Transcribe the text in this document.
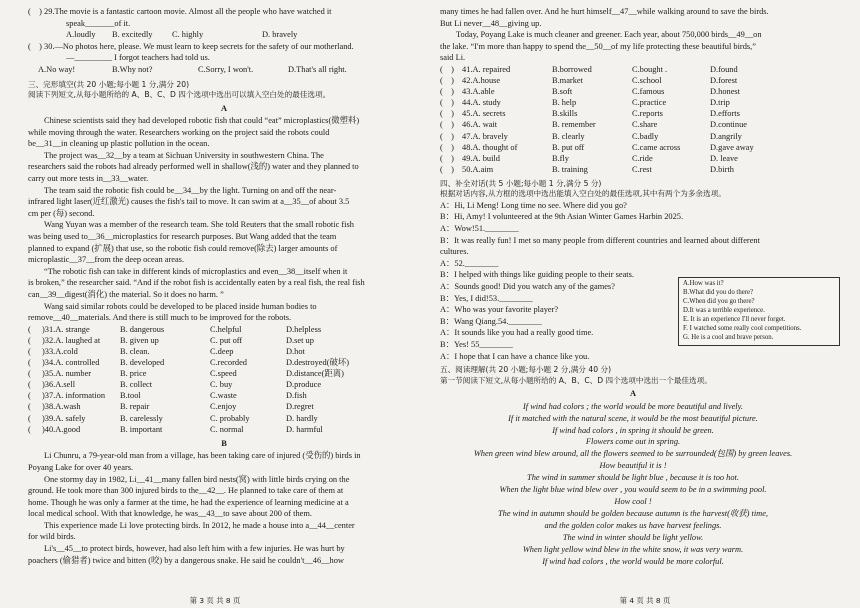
(　) 29.The movie is a fantastic cartoon movie. Almost all the people who have watched it

speak_______of it.

A.loudly	B. excitedly	C. highly	D. bravely

(　) 30.—No photos here, please. We must learn to keep secrets for the safety of our motherland.

—_________ I forgot teachers had told us.

A.No way!	B.Why not?	C.Sorry, I won't.	D.That's all right.

三、完形填空(共 20 小题;每小题 1 分,满分 20)

阅读下列短文,从每小题所给的 A、B、C、D 四个选项中选出可以填入空白处的最佳选项。

A

Chinese scientists said they had developed robotic fish that could “eat” microplastics(微塑料)

while moving through the water. Researchers working on the project said the robots could

be__31__in cleaning up plastic pollution in the ocean.

The project was__32__by a team at Sichuan University in southwestern China. The

researchers said the robots had already performed well in shallow(浅的) water and they planned to

carry out more tests in__33__water.

The team said the robotic fish could be__34__by the light. Turning on and off the near-

infrared light laser(近红激光) causes the fish's tail to move. It can swim at a__35__of about 3.5

cm per (每) second.

Wang Yuyan was a member of the research team. She told Reuters that the small robotic fish

was being used to__36__microplastics for research purposes. But Wang added that the team

planned to expand (扩展) that use, so the robotic fish could remove(除去) larger amounts of

microplastic__37__from the deep ocean areas.

“The robotic fish can take in different kinds of microplastics and even__38__itself when it

is broken,” the researcher said. “And if the robot fish is accidentally eaten by a real fish, the real fish

can__39__digest(消化) the material. So it does no harm. ”

Wang said similar robots could be developed to be placed inside human bodies to

remove__40__materials. And there is still much to be improved for the robots.

(	)31.A. strange	B. dangerous	C.helpful	D.helpless
(	)32.A. laughed at	B. given up	C. put off	D.set up
(	)33.A.cold	B. clean.	C.deep	D.hot
(	)34.A. controlled	B. developed	C.recorded	D.destroyed(破坏)
(	)35.A. number	B. price	C.speed	D.distance(距离)
(	)36.A.sell	B. collect	C. buy	D.produce
(	)37.A. information	B.tool	C.waste	D.fish
(	)38.A.wash	B. repair	C.enjoy	D.regret
(	)39.A. safely	B. carelessly	C. probably	D. hardly
(	)40.A.good	B. important	C. normal	D. harmful

B

Li Chunru, a 79-year-old man from a village, has been taking care of injured (受伤的) birds in

Poyang Lake for over 40 years.

One stormy day in 1982, Li__41__many fallen bird nests(窝) with little birds crying on the

ground. He took more than 300 injured birds to the__42__. He planned to take care of them at

home. Though he was only a farmer at the time, he had the experience of learning medicine at a

local medical school. With that knowledge, he was__43__to save about 200 of them.

This experience made Li love protecting birds. In 2012, he made a house into a__44__center

for wild birds.

Li's__45__to protect birds, however, had also left him with a few injuries. He was hurt by

poachers (偷猎者) twice and bitten (咬) by a dangerous snake. He said he couldn't__46__how

第 3 页 共 8 页

many times he had fallen over. And he hurt himself__47__while walking around to save the birds.

But Li never__48__giving up.

Today, Poyang Lake is much cleaner and greener. Each year, about 750,000 birds__49__on

the lake. “I'm more than happy to spend the__50__of my life protecting these beautiful birds,”

said Li.

(　) 41.A. repaired	B.borrowed	C.bought .	D.found
(　) 42.A.house	B.market	C.school	D.forest
(　) 43.A.able	B.soft	C.famous	D.honest
(　) 44.A. study	B. help	C.practice	D.trip
(　) 45.A. secrets	B.skills	C.reports	D.efforts
(　) 46.A. wait	B. remember	C.share	D.continue
(　) 47.A. bravely	B. clearly	C.badly	D.angrily
(　) 48.A. thought of	B. put off	C.came across	D.gave away
(　) 49.A. build	B.fly	C.ride	D. leave
(　) 50.A.aim	B. training	C.rest	D.birth

四、补全对话(共 5 小题;每小题 1 分,满分 5 分)

根据对话内容,从方框的选项中选出能填入空白处的最佳选项,其中有两个为多余选项。

A：Hi, Li Meng! Long time no see. Where did you go?

B：Hi, Amy! I volunteered at the 9th Asian Winter Games Harbin 2025.

A：Wow!51.________

B：It was really fun! I met so many people from different countries and learned about different

cultures.

A：52.________

B：I helped with things like guiding people to their seats.

A：Sounds good! Did you watch any of the games?

B：Yes, I did!53.________

A：Who was your favorite player?

B：Wang Qiang.54.________

A：It sounds like you had a really good time.

B：Yes! 55________

A：I hope that I can have a chance like you.

A.How was it?

B.What did you do there?

C.When did you go there?

D.It was a terrible experience.

E. It is an experience I'll never forget.

F. I watched some really cool competitions.

G. He is a cool and brave person.

五、阅读理解(共 20 小题;每小题 2 分,满分 40 分)

第一节阅读下短文,从每小题所给的 A、B、C、D 四个选项中选出一个最佳选项。

A

If wind had colors ; the world would be more beautiful and lively.

If it matched with the natural scene, it would be the most beautiful picture.

If wind had colors , in spring it should be green.

Flowers come out in spring.

When green wind blew around, all the flowers seemed to be surrounded(包围) by green leaves.

How beautiful it is !

The wind in summer should be light blue , because it is too hot.

When the light blue wind blew over , you would seem to be in a swimming pool.

How cool !

The wind in autumn should be golden because autumn is the harvest(收获) time,

and the golden color makes us have harvest feelings.

The wind in winter should be light yellow.

When light yellow wind blew in the white snow, it was very warm.

If wind had colors , the world would be more colorful.

第 4 页 共 8 页
